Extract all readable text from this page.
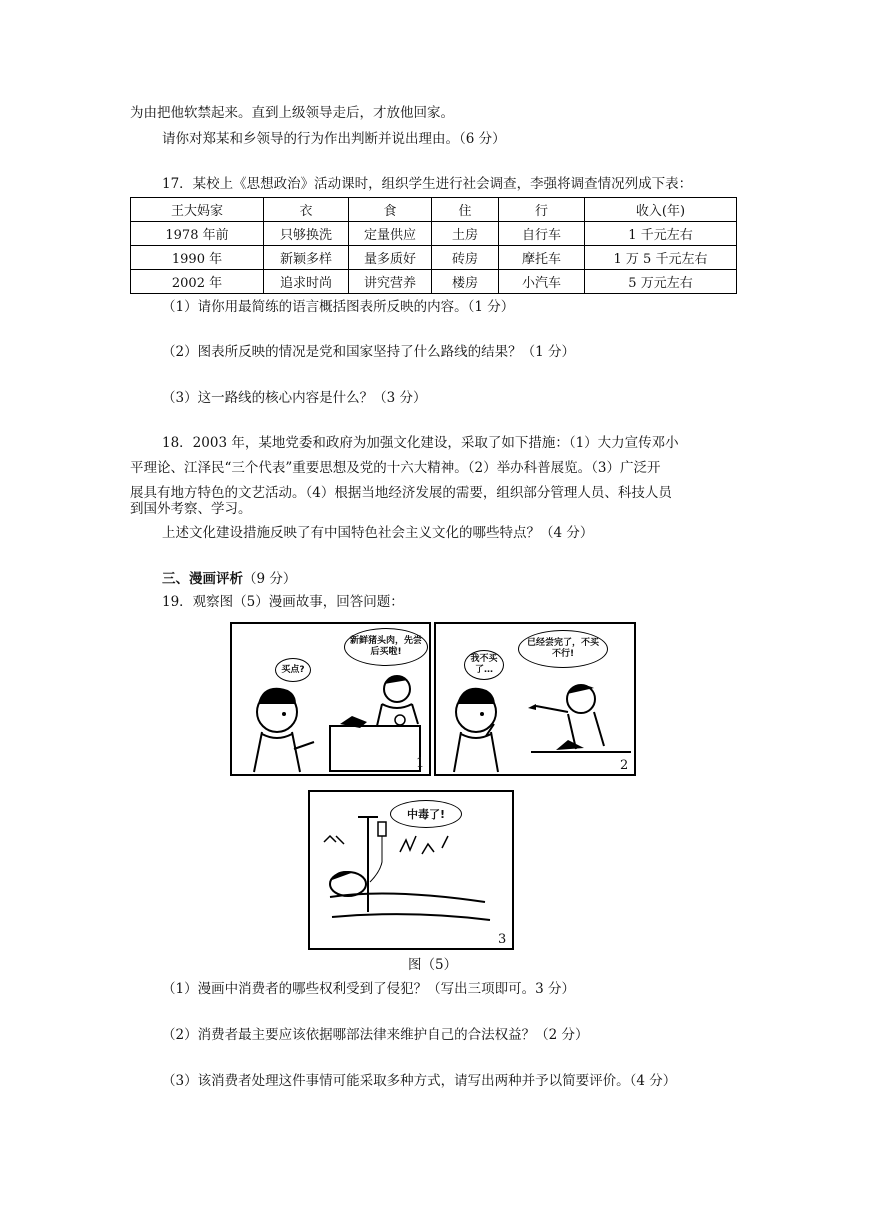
为由把他软禁起来。直到上级领导走后，才放他回家。
请你对郑某和乡领导的行为作出判断并说出理由。（6 分）
17．某校上《思想政治》活动课时，组织学生进行社会调查，李强将调查情况列成下表：
王大妈家	衣	食	住	行	收入(年)
1978 年前	只够换洗	定量供应	土房	自行车	1 千元左右
1990 年	新颖多样	量多质好	砖房	摩托车	1 万 5 千元左右
2002 年	追求时尚	讲究营养	楼房	小汽车	5 万元左右
（1）请你用最简练的语言概括图表所反映的内容。（1 分）
（2）图表所反映的情况是党和国家坚持了什么路线的结果？（1 分）
（3）这一路线的核心内容是什么？（3 分）
18．2003 年，某地党委和政府为加强文化建设，采取了如下措施：（1）大力宣传邓小
平理论、江泽民“三个代表”重要思想及党的十六大精神。（2）举办科普展览。（3）广泛开
展具有地方特色的文艺活动。（4）根据当地经济发展的需要，组织部分管理人员、科技人员
到国外考察、学习。
上述文化建设措施反映了有中国特色社会主义文化的哪些特点？（4 分）
三、漫画评析（9 分）
19．观察图（5）漫画故事，回答问题：
买点?
新鲜猪头肉，先尝后买啦!
1
我不买了…
已经尝完了，不买不行!
2
中毒了!
3
图（5）
（1）漫画中消费者的哪些权利受到了侵犯？（写出三项即可。3 分）
（2）消费者最主要应该依据哪部法律来维护自己的合法权益？（2 分）
（3）该消费者处理这件事情可能采取多种方式，请写出两种并予以简要评价。（4 分）
